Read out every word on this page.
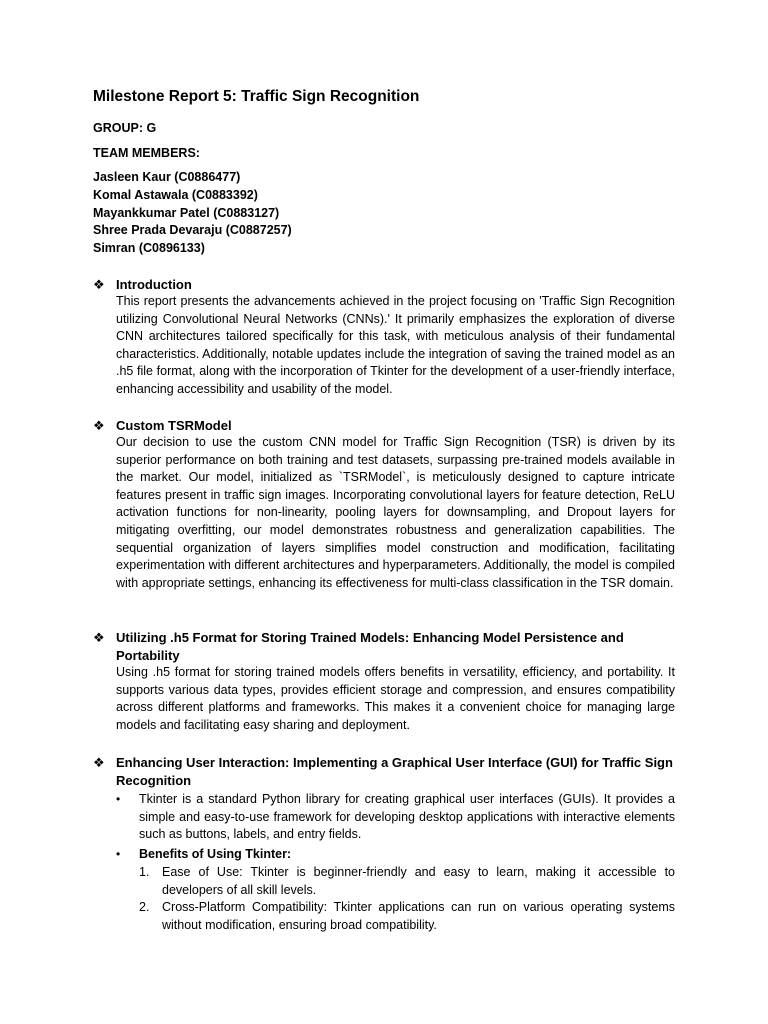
Milestone Report 5: Traffic Sign Recognition
GROUP: G
TEAM MEMBERS:
Jasleen Kaur (C0886477)
Komal Astawala (C0883392)
Mayankkumar Patel (C0883127)
Shree Prada Devaraju (C0887257)
Simran (C0896133)
❖ Introduction
This report presents the advancements achieved in the project focusing on 'Traffic Sign Recognition utilizing Convolutional Neural Networks (CNNs).' It primarily emphasizes the exploration of diverse CNN architectures tailored specifically for this task, with meticulous analysis of their fundamental characteristics. Additionally, notable updates include the integration of saving the trained model as an .h5 file format, along with the incorporation of Tkinter for the development of a user-friendly interface, enhancing accessibility and usability of the model.
❖ Custom TSRModel
Our decision to use the custom CNN model for Traffic Sign Recognition (TSR) is driven by its superior performance on both training and test datasets, surpassing pre-trained models available in the market. Our model, initialized as `TSRModel`, is meticulously designed to capture intricate features present in traffic sign images. Incorporating convolutional layers for feature detection, ReLU activation functions for non-linearity, pooling layers for downsampling, and Dropout layers for mitigating overfitting, our model demonstrates robustness and generalization capabilities. The sequential organization of layers simplifies model construction and modification, facilitating experimentation with different architectures and hyperparameters. Additionally, the model is compiled with appropriate settings, enhancing its effectiveness for multi-class classification in the TSR domain.
❖ Utilizing .h5 Format for Storing Trained Models: Enhancing Model Persistence and Portability
Using .h5 format for storing trained models offers benefits in versatility, efficiency, and portability. It supports various data types, provides efficient storage and compression, and ensures compatibility across different platforms and frameworks. This makes it a convenient choice for managing large models and facilitating easy sharing and deployment.
❖ Enhancing User Interaction: Implementing a Graphical User Interface (GUI) for Traffic Sign Recognition
• Tkinter is a standard Python library for creating graphical user interfaces (GUIs). It provides a simple and easy-to-use framework for developing desktop applications with interactive elements such as buttons, labels, and entry fields.
• Benefits of Using Tkinter:
1. Ease of Use: Tkinter is beginner-friendly and easy to learn, making it accessible to developers of all skill levels.
2. Cross-Platform Compatibility: Tkinter applications can run on various operating systems without modification, ensuring broad compatibility.
